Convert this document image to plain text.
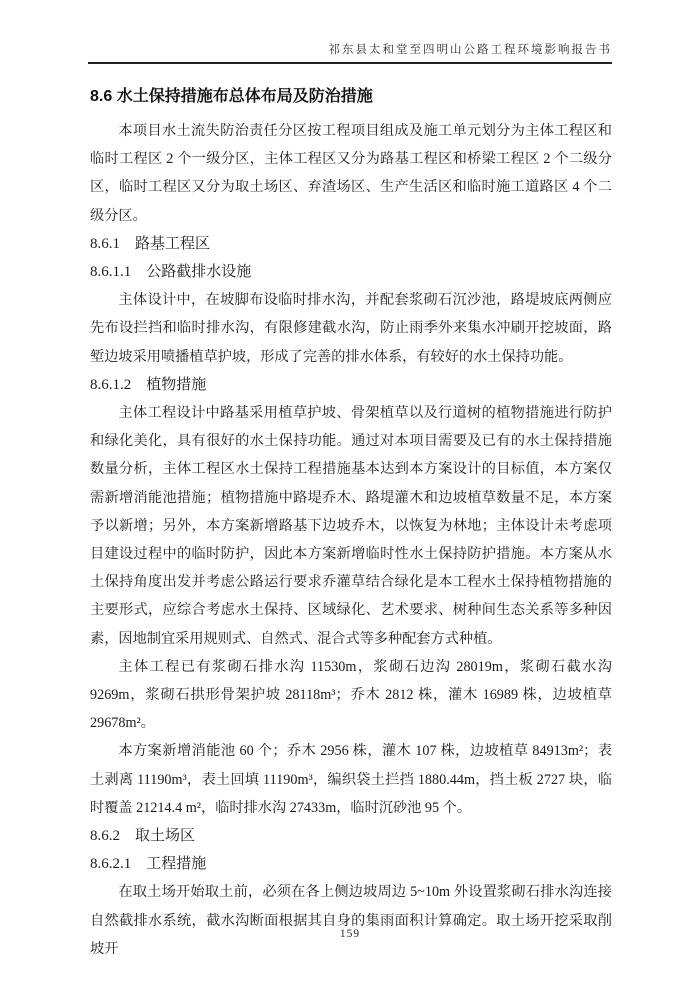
祁东县太和堂至四明山公路工程环境影响报告书
8.6 水土保持措施布总体布局及防治措施

本项目水土流失防治责任分区按工程项目组成及施工单元划分为主体工程区和临时工程区 2 个一级分区，主体工程区又分为路基工程区和桥梁工程区 2 个二级分区，临时工程区又分为取土场区、弃渣场区、生产生活区和临时施工道路区 4 个二级分区。

8.6.1　路基工程区
8.6.1.1　公路截排水设施

主体设计中，在坡脚布设临时排水沟，并配套浆砌石沉沙池，路堤坡底两侧应先布设拦挡和临时排水沟，有限修建截水沟，防止雨季外来集水冲刷开挖坡面，路堑边坡采用喷播植草护坡，形成了完善的排水体系，有较好的水土保持功能。

8.6.1.2　植物措施

主体工程设计中路基采用植草护坡、骨架植草以及行道树的植物措施进行防护和绿化美化，具有很好的水土保持功能。通过对本项目需要及已有的水土保持措施数量分析，主体工程区水土保持工程措施基本达到本方案设计的目标值，本方案仅需新增消能池措施；植物措施中路堤乔木、路堤灌木和边坡植草数量不足，本方案予以新增；另外，本方案新增路基下边坡乔木，以恢复为林地；主体设计未考虑项目建设过程中的临时防护，因此本方案新增临时性水土保持防护措施。本方案从水土保持角度出发并考虑公路运行要求乔灌草结合绿化是本工程水土保持植物措施的主要形式，应综合考虑水土保持、区域绿化、艺术要求、树种间生态关系等多种因素，因地制宜采用规则式、自然式、混合式等多种配套方式种植。

主体工程已有浆砌石排水沟 11530m，浆砌石边沟 28019m，浆砌石截水沟 9269m，浆砌石拱形骨架护坡 28118m³；乔木 2812 株，灌木 16989 株，边坡植草 29678m²。

本方案新增消能池 60 个；乔木 2956 株，灌木 107 株，边坡植草 84913m²；表土剥离 11190m³，表土回填 11190m³，编织袋土拦挡 1880.44m，挡土板 2727 块，临时覆盖 21214.4 m²，临时排水沟 27433m，临时沉砂池 95 个。

8.6.2　取土场区
8.6.2.1　工程措施

在取土场开始取土前，必须在各上侧边坡周边 5~10m 外设置浆砌石排水沟连接自然截排水系统，截水沟断面根据其自身的集雨面积计算确定。取土场开挖采取削坡开

159
